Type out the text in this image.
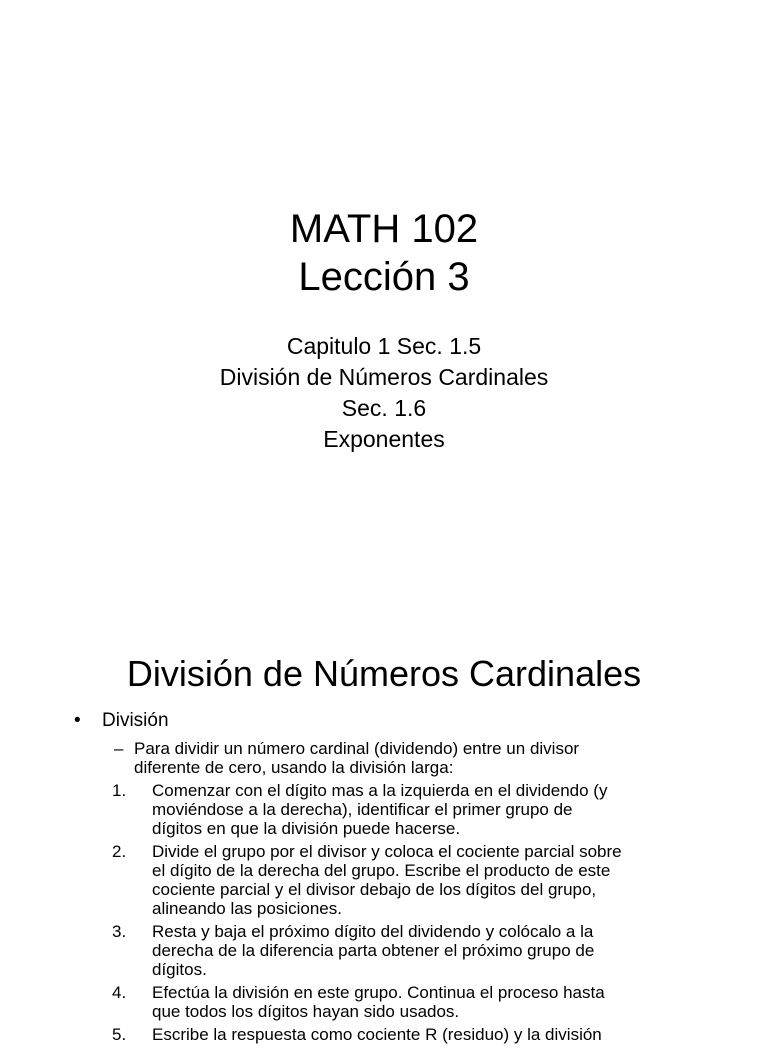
MATH 102
Lección 3
Capitulo 1 Sec. 1.5
División de Números Cardinales
Sec. 1.6
Exponentes
División de Números Cardinales
• División
– Para dividir un número cardinal (dividendo) entre un divisor
diferente de cero, usando la división larga:
1. Comenzar con el dígito mas a la izquierda en el dividendo (y
moviéndose a la derecha), identificar el primer grupo de
dígitos en que la división puede hacerse.
2. Divide el grupo por el divisor y coloca el cociente parcial sobre
el dígito de la derecha del grupo. Escribe el producto de este
cociente parcial y el divisor debajo de los dígitos del grupo,
alineando las posiciones.
3. Resta y baja el próximo dígito del dividendo y colócalo a la
derecha de la diferencia parta obtener el próximo grupo de
dígitos.
4. Efectúa la división en este grupo. Continua el proceso hasta
que todos los dígitos hayan sido usados.
5. Escribe la respuesta como cociente R (residuo) y la división
